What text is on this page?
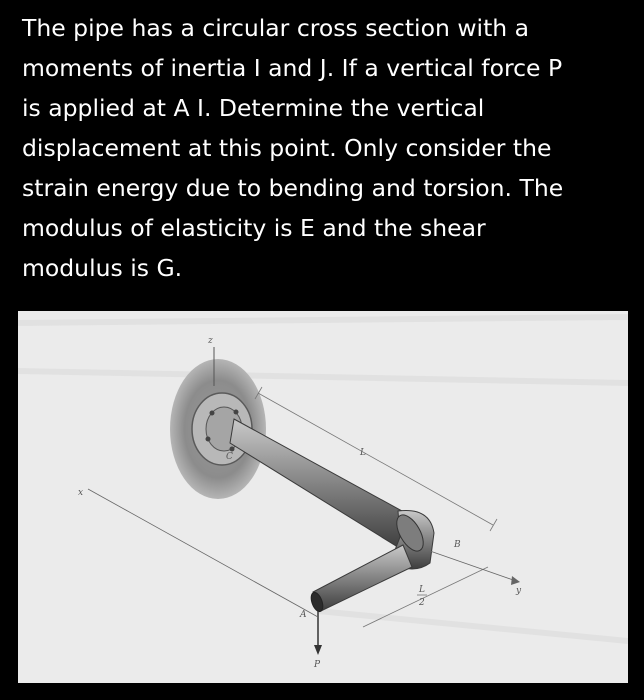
The pipe has a circular cross section with a

moments of inertia I and J. If a vertical force P

is applied at A I. Determine the vertical

displacement at this point. Only consider the

strain energy due to bending and torsion. The

modulus of elasticity is E and the shear

modulus is G.

z
C
P
A
B
L
L
2
x
y
